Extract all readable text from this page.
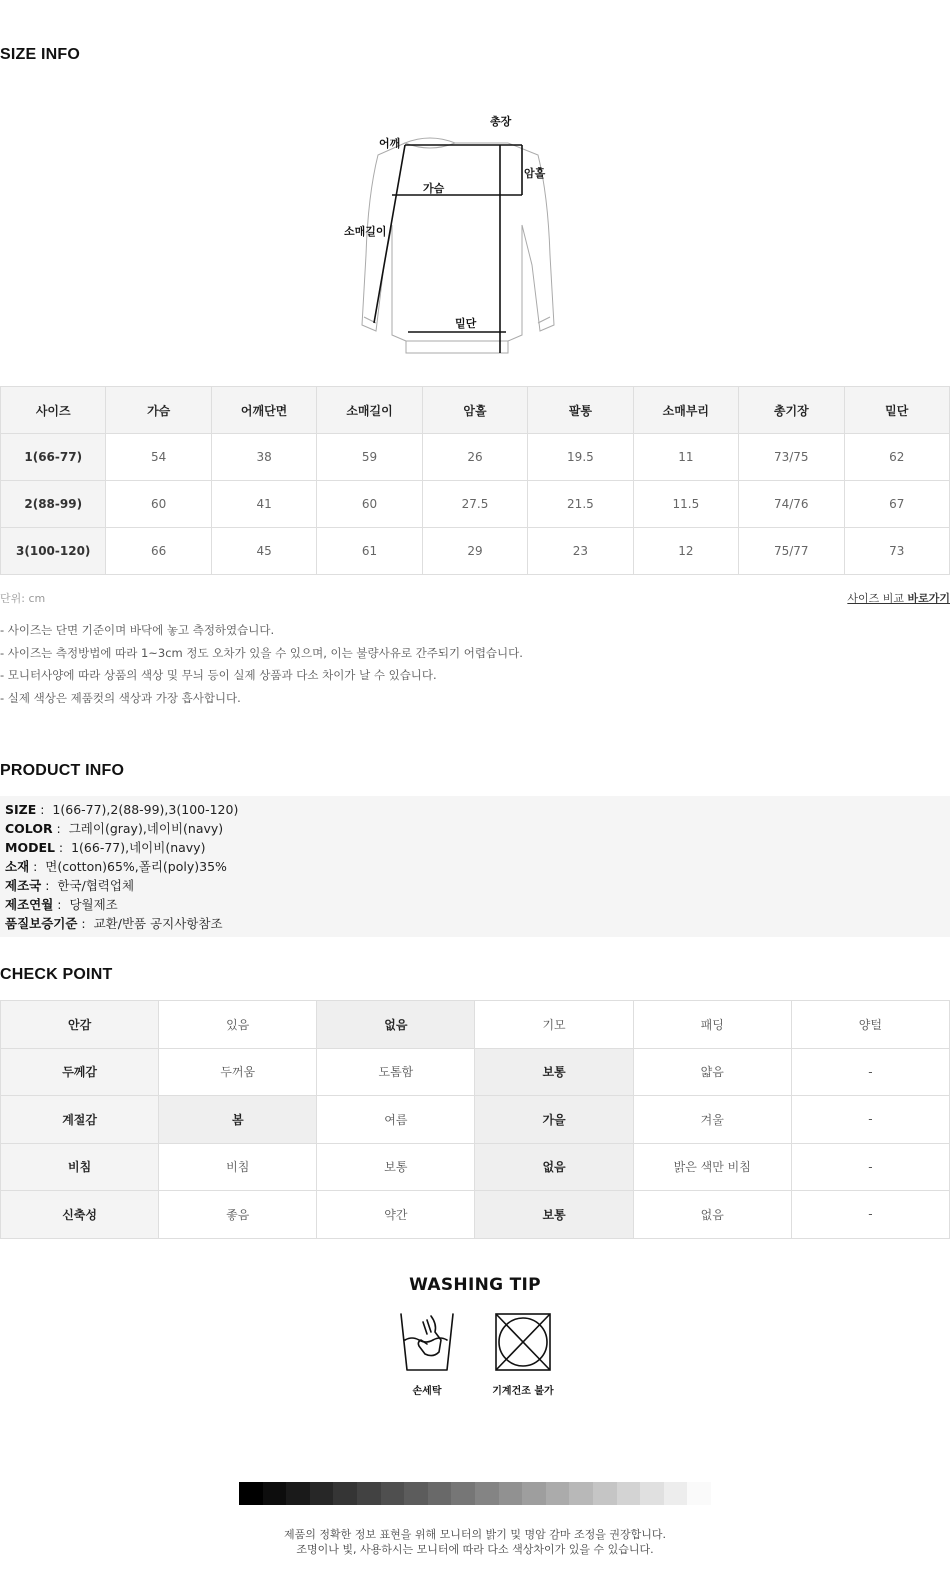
SIZE INFO
총장
어깨
암홀
가슴
소매길이
밑단
사이즈	가슴	어깨단면	소매길이	암홀	팔통	소매부리	총기장	밑단
1(66-77)	54	38	59	26	19.5	11	73/75	62
2(88-99)	60	41	60	27.5	21.5	11.5	74/76	67
3(100-120)	66	45	61	29	23	12	75/77	73
단위: cm	사이즈 비교 바로가기
- 사이즈는 단면 기준이며 바닥에 놓고 측정하였습니다.
- 사이즈는 측정방법에 따라 1~3cm 정도 오차가 있을 수 있으며, 이는 불량사유로 간주되기 어렵습니다.
- 모니터사양에 따라 상품의 색상 및 무늬 등이 실제 상품과 다소 차이가 날 수 있습니다.
- 실제 색상은 제품컷의 색상과 가장 흡사합니다.
PRODUCT INFO
SIZE :  1(66-77),2(88-99),3(100-120)
COLOR :  그레이(gray),네이비(navy)
MODEL :  1(66-77),네이비(navy)
소재 :  면(cotton)65%,폴리(poly)35%
제조국 :  한국/협력업체
제조연월 :  당월제조
품질보증기준 :  교환/반품 공지사항참조
CHECK POINT
안감	있음	없음	기모	패딩	양털
두께감	두꺼움	도톰함	보통	얇음	-
계절감	봄	여름	가을	겨울	-
비침	비침	보통	없음	밝은 색만 비침	-
신축성	좋음	약간	보통	없음	-
WASHING TIP
손세탁	기계건조 불가
제품의 정확한 정보 표현을 위해 모니터의 밝기 및 명암 감마 조정을 권장합니다.
조명이나 빛, 사용하시는 모니터에 따라 다소 색상차이가 있을 수 있습니다.
